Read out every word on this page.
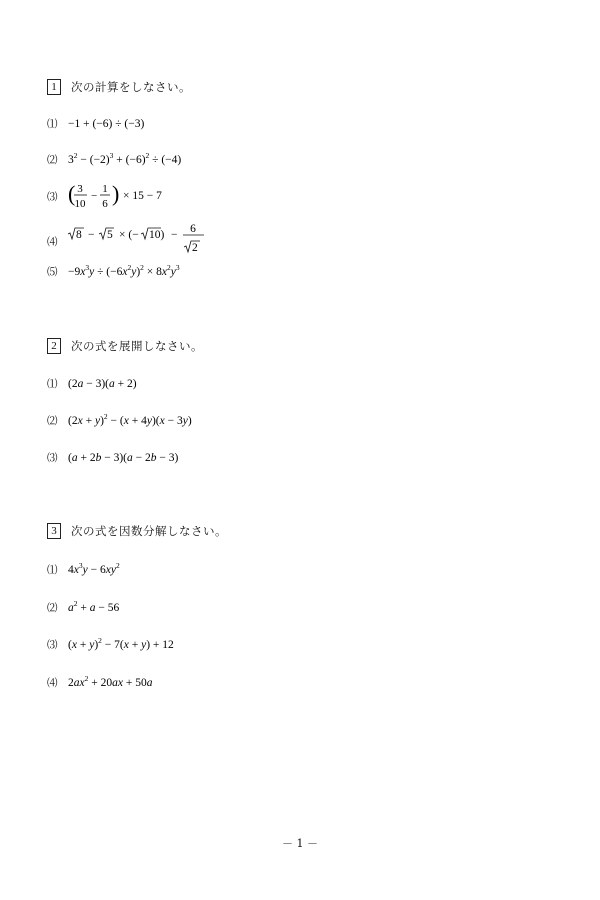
1	次の計算をしなさい。
⑴ −1 + (−6) ÷ (−3)
⑵ $3^2 - (-2)^3 + (-6)^2 \div (-4)$
⑶ ( 3
10
−
1
6 ) × 15 − 7
⑷
8 − 5 × (− 10) − 6
2
⑸ $-9x^3y \div (-6x^2y)^2 \times 8x^2y^3$
2	次の式を展開しなさい。
⑴ (2a − 3)(a + 2)
⑵ $(2x + y)^2 - (x + 4y)(x - 3y)$
⑶ (a + 2b − 3)(a − 2b − 3)
3	次の式を因数分解しなさい。
⑴ $4x^3y - 6xy^2$
⑵ $a^2 + a - 56$
⑶ $(x + y)^2 - 7(x + y) + 12$
⑷ $2ax^2 + 20ax + 50a$
－ 1 －
